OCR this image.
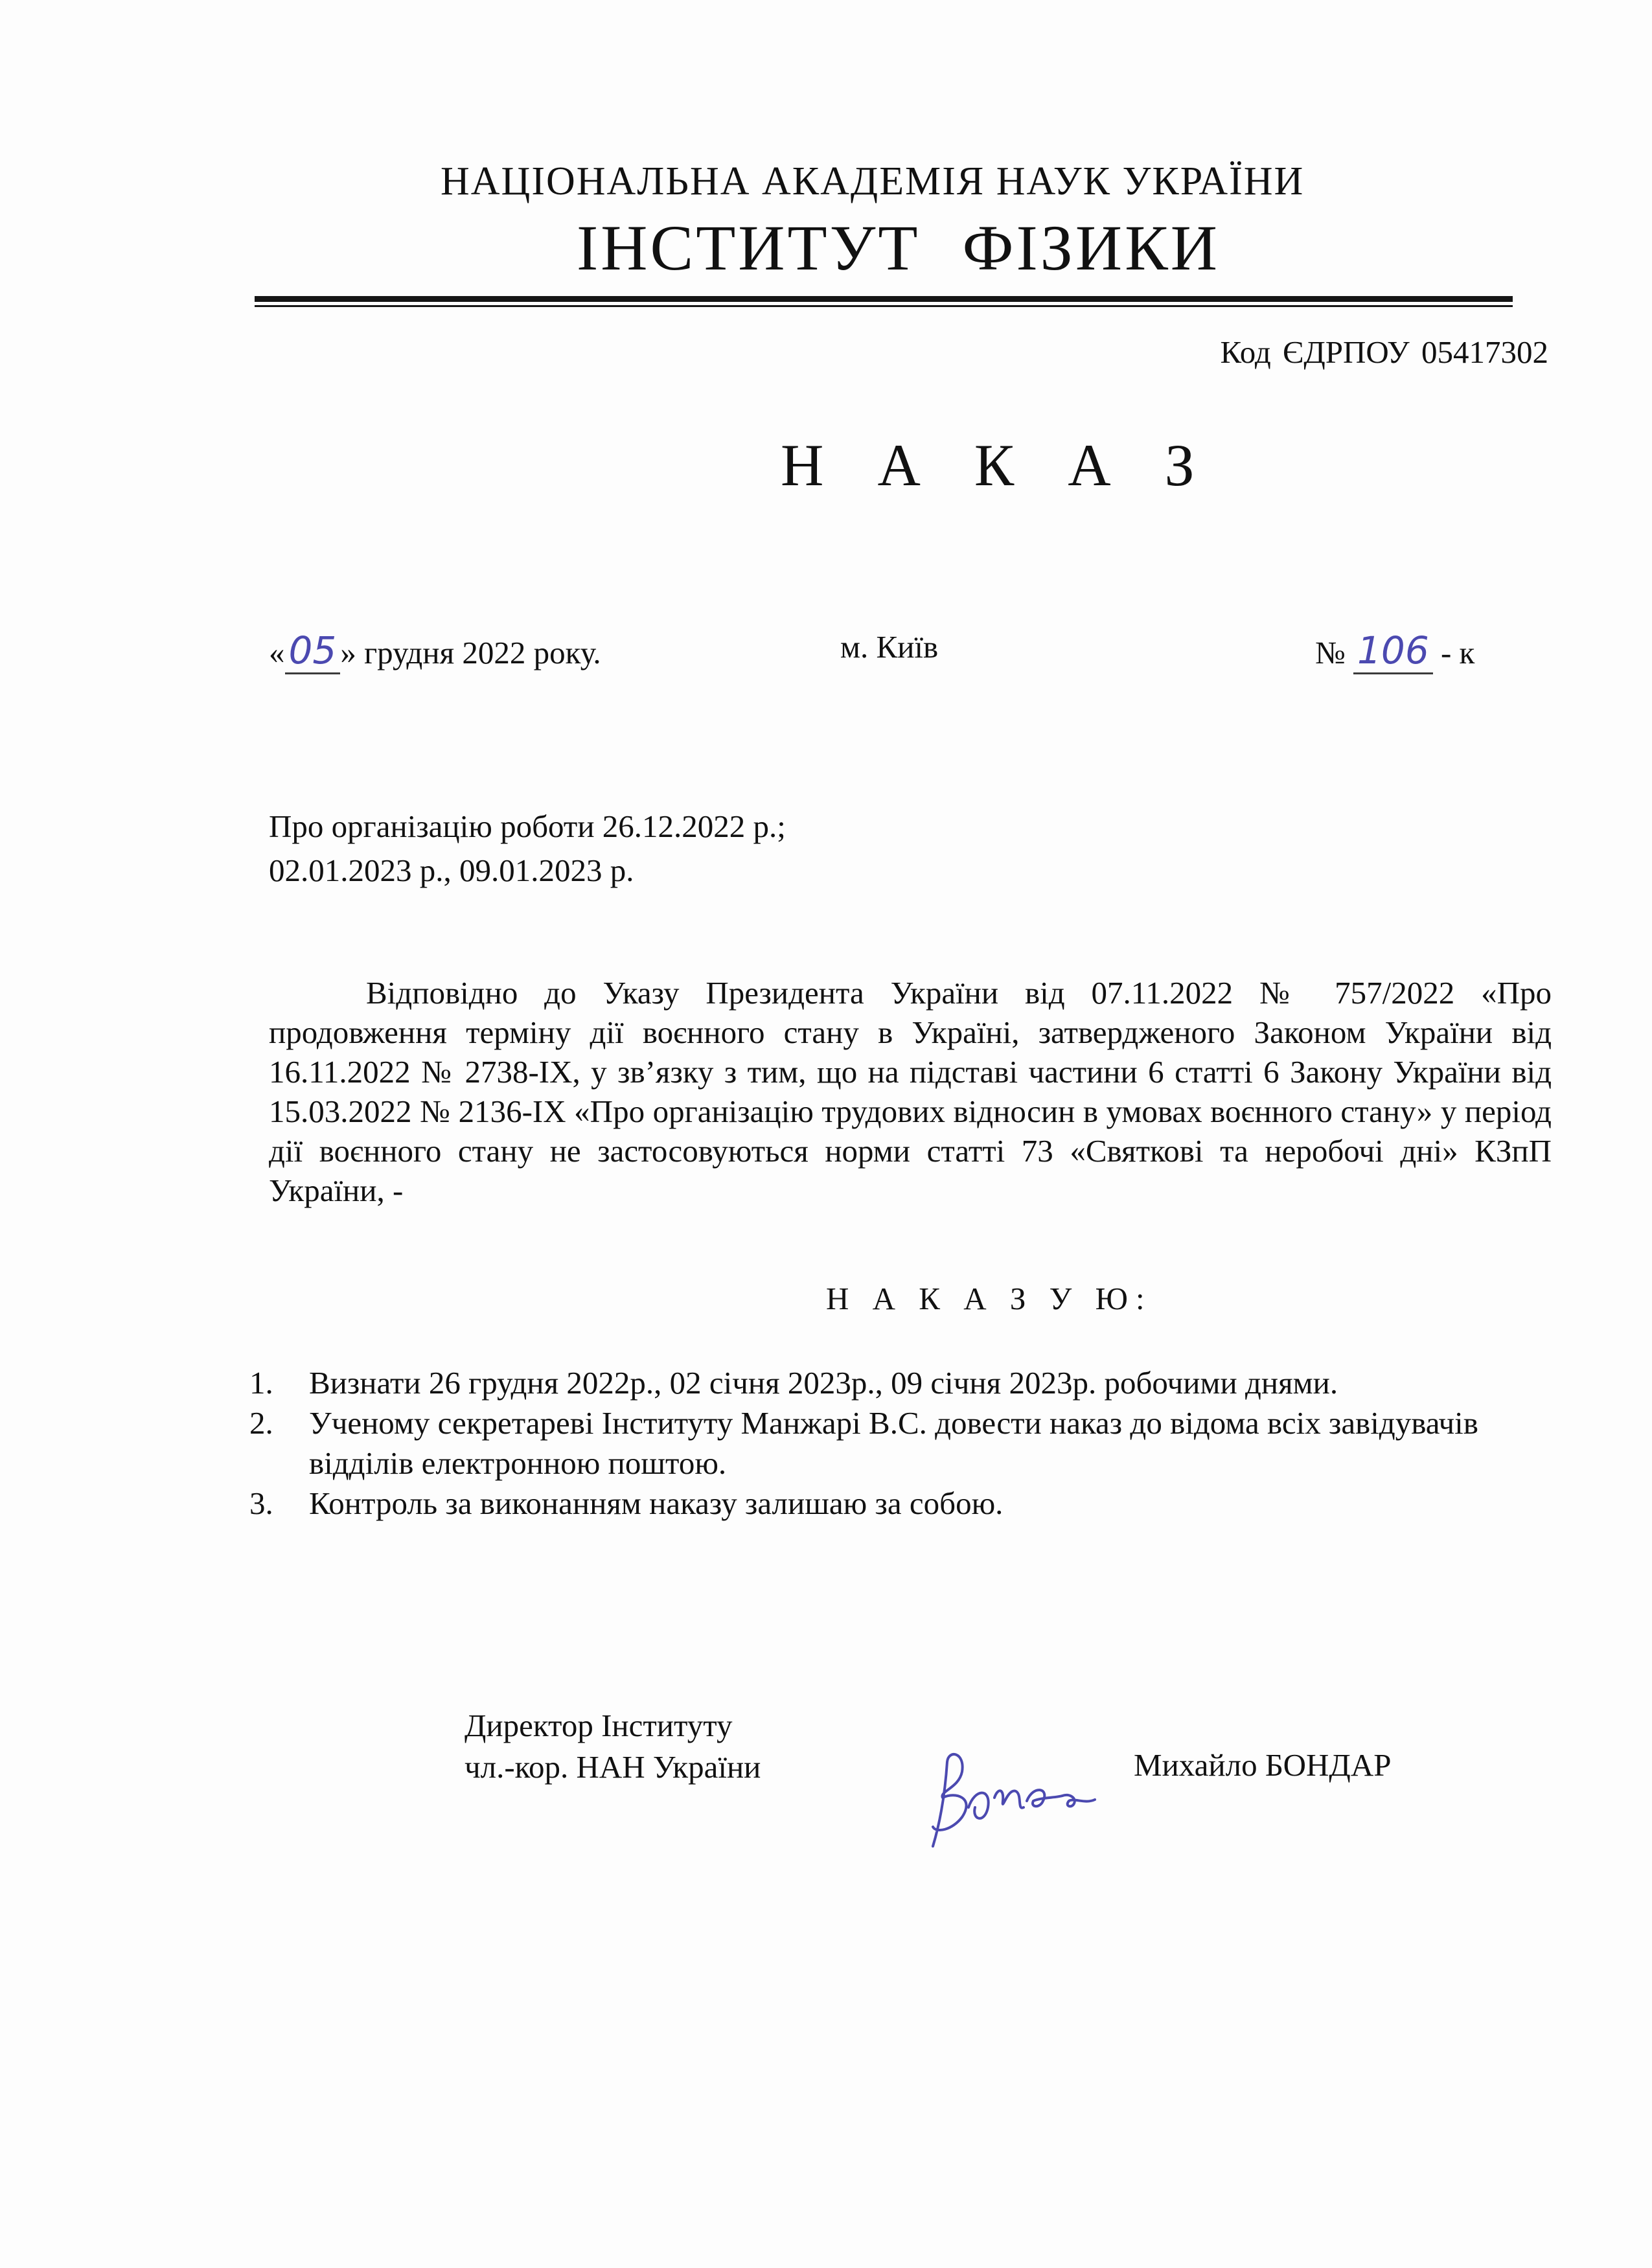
НАЦІОНАЛЬНА АКАДЕМІЯ НАУК УКРАЇНИ
ІНСТИТУТ ФІЗИКИ
Код ЄДРПОУ 05417302
Н А К А З
« 05 » грудня 2022 року.	м. Київ	№ 106 - к
Про організацію роботи 26.12.2022 р.;
02.01.2023 р., 09.01.2023 р.
Відповідно до Указу Президента України від 07.11.2022 № 757/2022 «Про продовження терміну дії воєнного стану в Україні, затвердженого Законом України від 16.11.2022 № 2738-IX, у зв’язку з тим, що на підставі частини 6 статті 6 Закону України від 15.03.2022 № 2136-IX «Про організацію трудових відносин в умовах воєнного стану» у період дії воєнного стану не застосовуються норми статті 73 «Святкові та неробочі дні» КЗпП України, -
Н А К А З У Ю:
1.	Визнати 26 грудня 2022р., 02 січня 2023р., 09 січня 2023р. робочими днями.
2.	Ученому секретареві Інституту Манжарі В.С. довести наказ до відома всіх завідувачів відділів електронною поштою.
3.	Контроль за виконанням наказу залишаю за собою.
Директор Інституту
чл.-кор. НАН України	Михайло БОНДАР
